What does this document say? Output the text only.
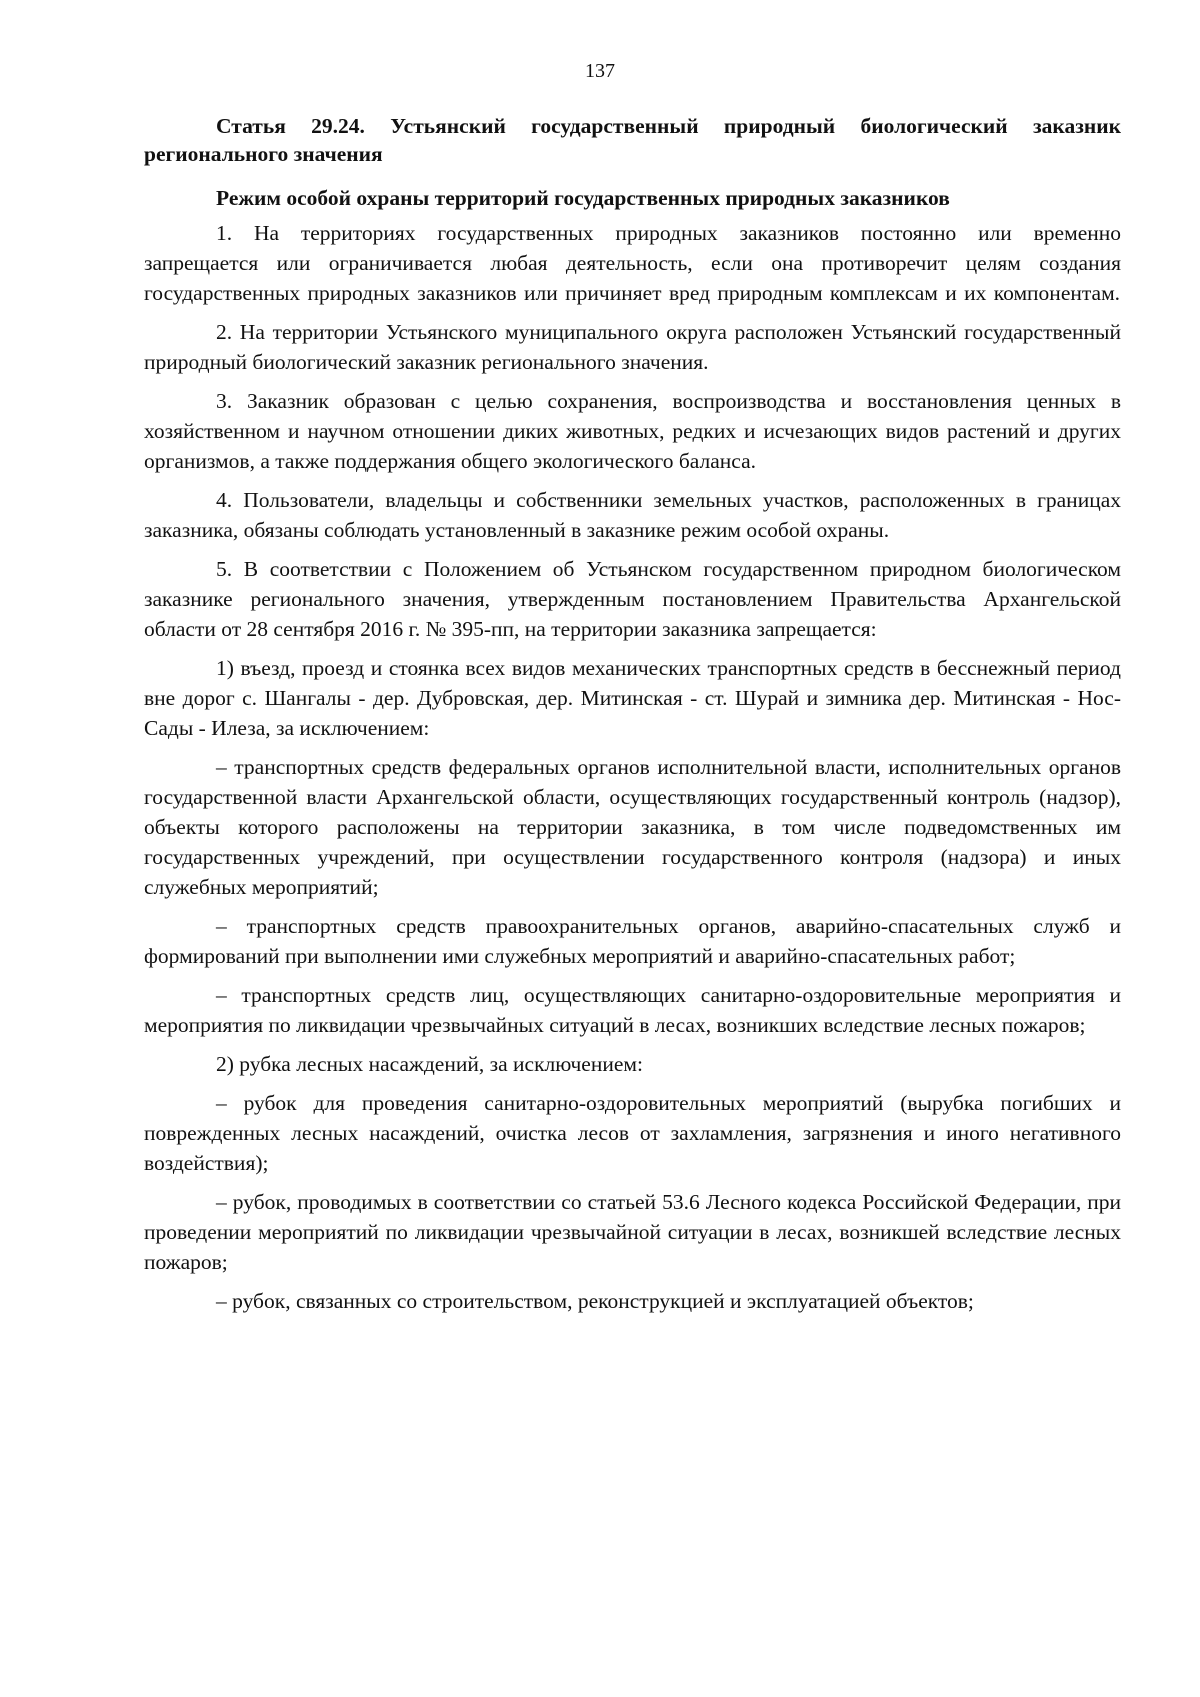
137

Статья 29.24. Устьянский государственный природный биологический заказник регионального значения

Режим особой охраны территорий государственных природных заказников

1. На территориях государственных природных заказников постоянно или временно запрещается или ограничивается любая деятельность, если она противоречит целям создания государственных природных заказников или причиняет вред природным комплексам и их компонентам.

2. На территории Устьянского муниципального округа расположен Устьянский государственный природный биологический заказник регионального значения.

3. Заказник образован с целью сохранения, воспроизводства и восстановления ценных в хозяйственном и научном отношении диких животных, редких и исчезающих видов растений и других организмов, а также поддержания общего экологического баланса.

4. Пользователи, владельцы и собственники земельных участков, расположенных в границах заказника, обязаны соблюдать установленный в заказнике режим особой охраны.

5. В соответствии с Положением об Устьянском государственном природном биологическом заказнике регионального значения, утвержденным постановлением Правительства Архангельской области от 28 сентября 2016 г. № 395-пп, на территории заказника запрещается:

1) въезд, проезд и стоянка всех видов механических транспортных средств в бесснежный период вне дорог с. Шангалы - дер. Дубровская, дер. Митинская - ст. Шурай и зимника дер. Митинская - Нос-Сады - Илеза, за исключением:

– транспортных средств федеральных органов исполнительной власти, исполнительных органов государственной власти Архангельской области, осуществляющих государственный контроль (надзор), объекты которого расположены на территории заказника, в том числе подведомственных им государственных учреждений, при осуществлении государственного контроля (надзора) и иных служебных мероприятий;

– транспортных средств правоохранительных органов, аварийно-спасательных служб и формирований при выполнении ими служебных мероприятий и аварийно-спасательных работ;

– транспортных средств лиц, осуществляющих санитарно-оздоровительные мероприятия и мероприятия по ликвидации чрезвычайных ситуаций в лесах, возникших вследствие лесных пожаров;

2) рубка лесных насаждений, за исключением:

– рубок для проведения санитарно-оздоровительных мероприятий (вырубка погибших и поврежденных лесных насаждений, очистка лесов от захламления, загрязнения и иного негативного воздействия);

– рубок, проводимых в соответствии со статьей 53.6 Лесного кодекса Российской Федерации, при проведении мероприятий по ликвидации чрезвычайной ситуации в лесах, возникшей вследствие лесных пожаров;

– рубок, связанных со строительством, реконструкцией и эксплуатацией объектов;
